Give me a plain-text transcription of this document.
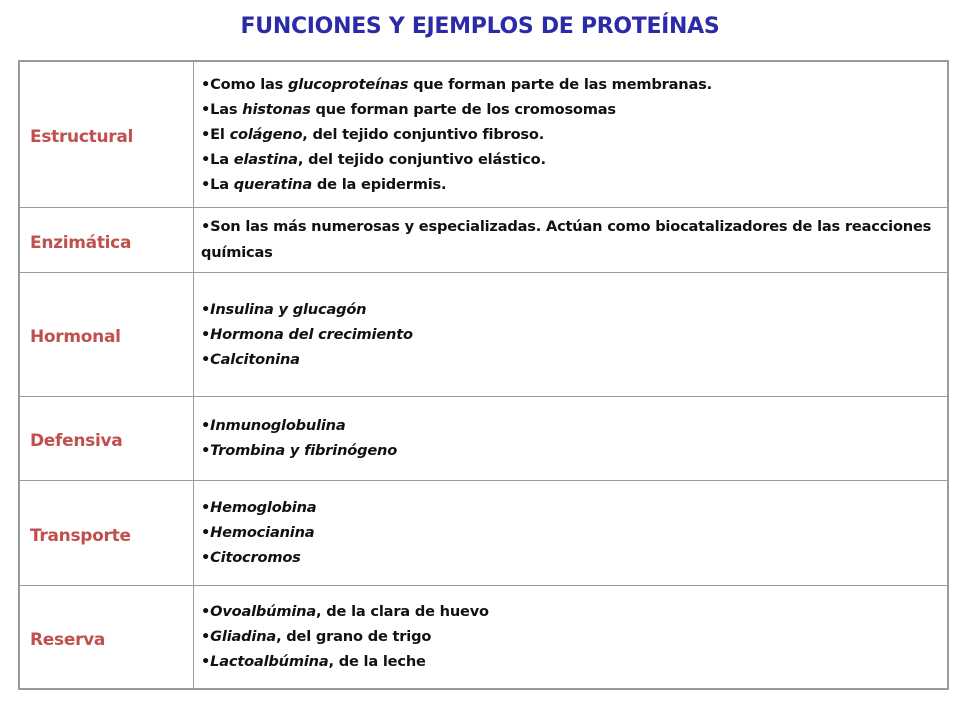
FUNCIONES Y EJEMPLOS DE PROTEÍNAS
Estructural	•Como las glucoproteínas que forman parte de las membranas.
•Las histonas que forman parte de los cromosomas
•El colágeno, del tejido conjuntivo fibroso.
•La elastina, del tejido conjuntivo elástico.
•La queratina de la epidermis.

Enzimática	•Son las más numerosas y especializadas. Actúan como biocatalizadores de las reacciones químicas

Hormonal	•Insulina y glucagón
•Hormona del crecimiento
•Calcitonina

Defensiva	•Inmunoglobulina
•Trombina y fibrinógeno

Transporte	•Hemoglobina
•Hemocianina
•Citocromos

Reserva	•Ovoalbúmina, de la clara de huevo
•Gliadina, del grano de trigo
•Lactoalbúmina, de la leche
